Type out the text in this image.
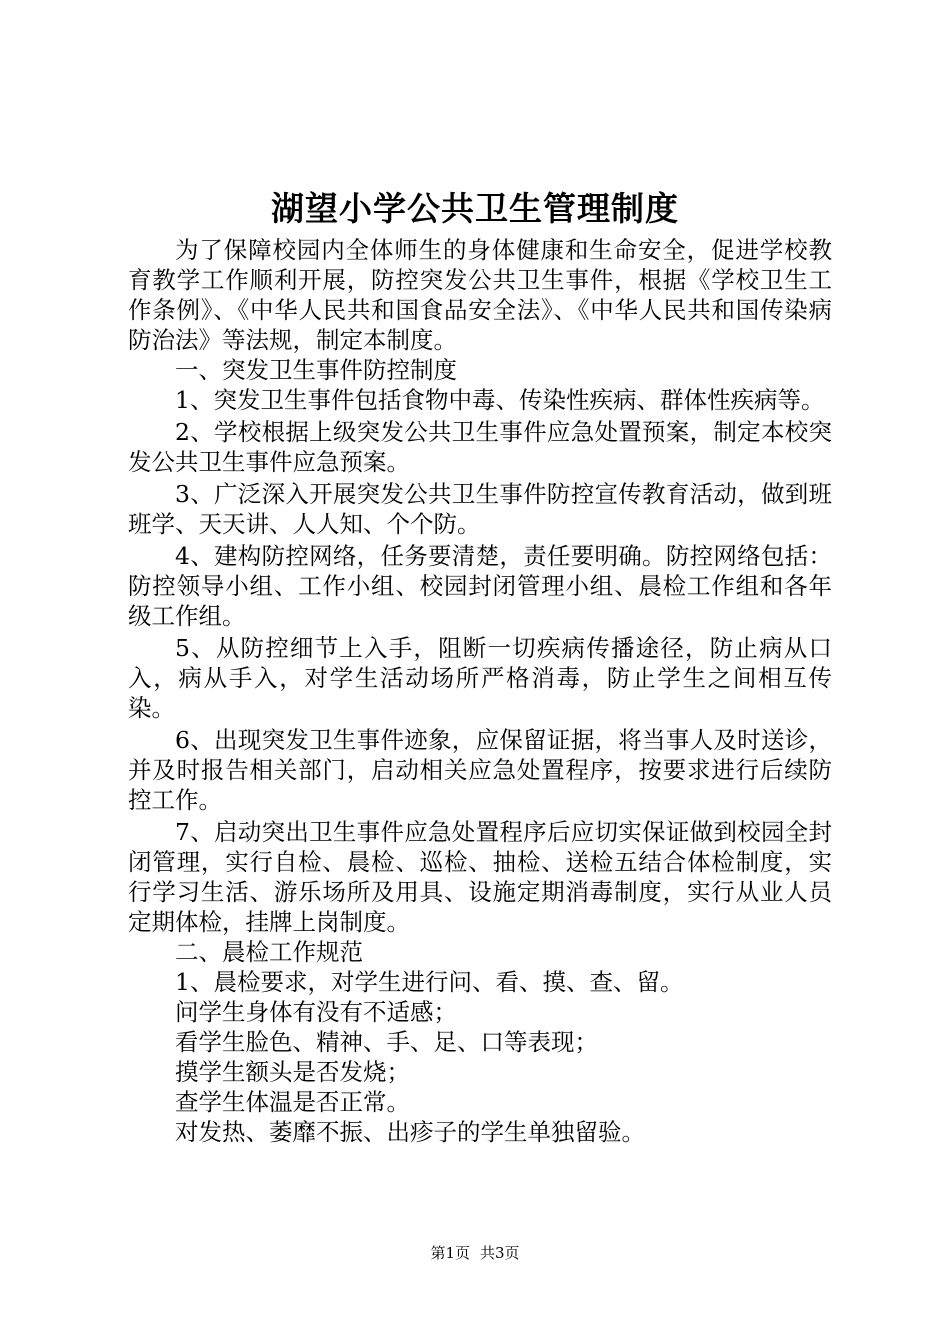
湖望小学公共卫生管理制度

为了保障校园内全体师生的身体健康和生命安全，促进学校教育教学工作顺利开展，防控突发公共卫生事件，根据《学校卫生工作条例》、《中华人民共和国食品安全法》、《中华人民共和国传染病防治法》等法规，制定本制度。

一、突发卫生事件防控制度

1、突发卫生事件包括食物中毒、传染性疾病、群体性疾病等。

2、学校根据上级突发公共卫生事件应急处置预案，制定本校突发公共卫生事件应急预案。

3、广泛深入开展突发公共卫生事件防控宣传教育活动，做到班班学、天天讲、人人知、个个防。

4、建构防控网络，任务要清楚，责任要明确。防控网络包括：防控领导小组、工作小组、校园封闭管理小组、晨检工作组和各年级工作组。

5、从防控细节上入手，阻断一切疾病传播途径，防止病从口入，病从手入，对学生活动场所严格消毒，防止学生之间相互传染。

6、出现突发卫生事件迹象，应保留证据，将当事人及时送诊，并及时报告相关部门，启动相关应急处置程序，按要求进行后续防控工作。

7、启动突出卫生事件应急处置程序后应切实保证做到校园全封闭管理，实行自检、晨检、巡检、抽检、送检五结合体检制度，实行学习生活、游乐场所及用具、设施定期消毒制度，实行从业人员定期体检，挂牌上岗制度。

二、晨检工作规范

1、晨检要求，对学生进行问、看、摸、查、留。

问学生身体有没有不适感；

看学生脸色、精神、手、足、口等表现；

摸学生额头是否发烧；

查学生体温是否正常。

对发热、萎靡不振、出疹子的学生单独留验。

第1页 共3页
